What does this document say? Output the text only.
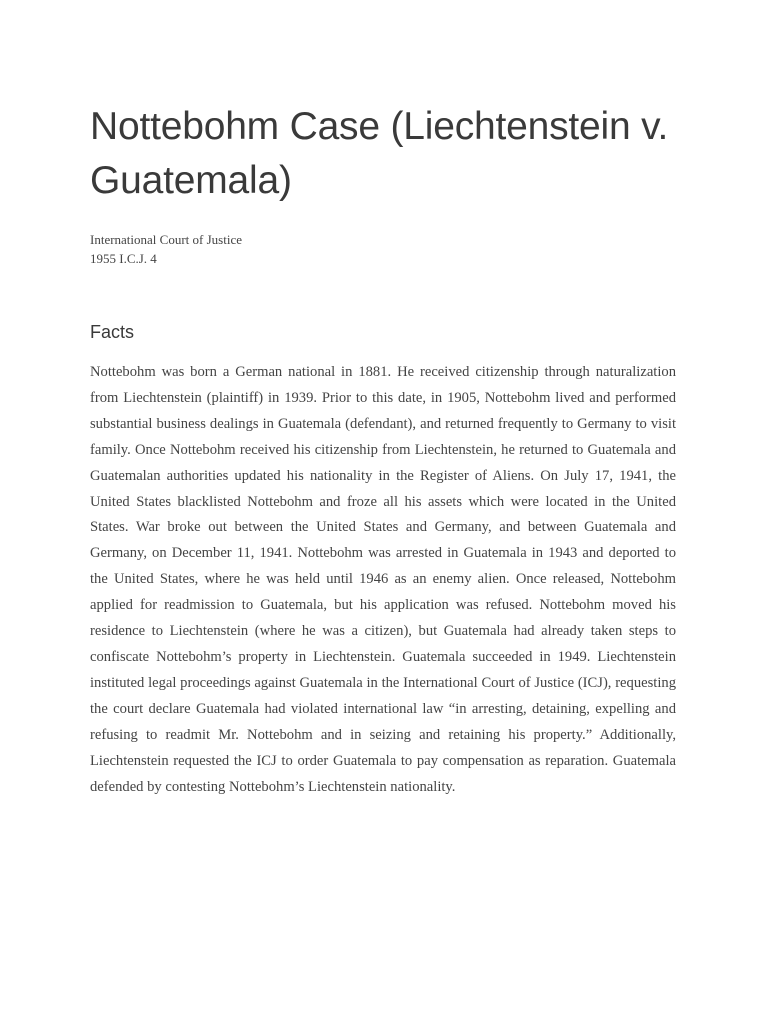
Nottebohm Case (Liechtenstein v. Guatemala)
International Court of Justice
1955 I.C.J. 4
Facts

Nottebohm was born a German national in 1881. He received citizenship through naturalization from Liechtenstein (plaintiff) in 1939. Prior to this date, in 1905, Nottebohm lived and performed substantial business dealings in Guatemala (defendant), and returned frequently to Germany to visit family. Once Nottebohm received his citizenship from Liechtenstein, he returned to Guatemala and Guatemalan authorities updated his nationality in the Register of Aliens. On July 17, 1941, the United States blacklisted Nottebohm and froze all his assets which were located in the United States. War broke out between the United States and Germany, and between Guatemala and Germany, on December 11, 1941. Nottebohm was arrested in Guatemala in 1943 and deported to the United States, where he was held until 1946 as an enemy alien. Once released, Nottebohm applied for readmission to Guatemala, but his application was refused. Nottebohm moved his residence to Liechtenstein (where he was a citizen), but Guatemala had already taken steps to confiscate Nottebohm’s property in Liechtenstein. Guatemala succeeded in 1949. Liechtenstein instituted legal proceedings against Guatemala in the International Court of Justice (ICJ), requesting the court declare Guatemala had violated international law “in arresting, detaining, expelling and refusing to readmit Mr. Nottebohm and in seizing and retaining his property.” Additionally, Liechtenstein requested the ICJ to order Guatemala to pay compensation as reparation. Guatemala defended by contesting Nottebohm’s Liechtenstein nationality.
